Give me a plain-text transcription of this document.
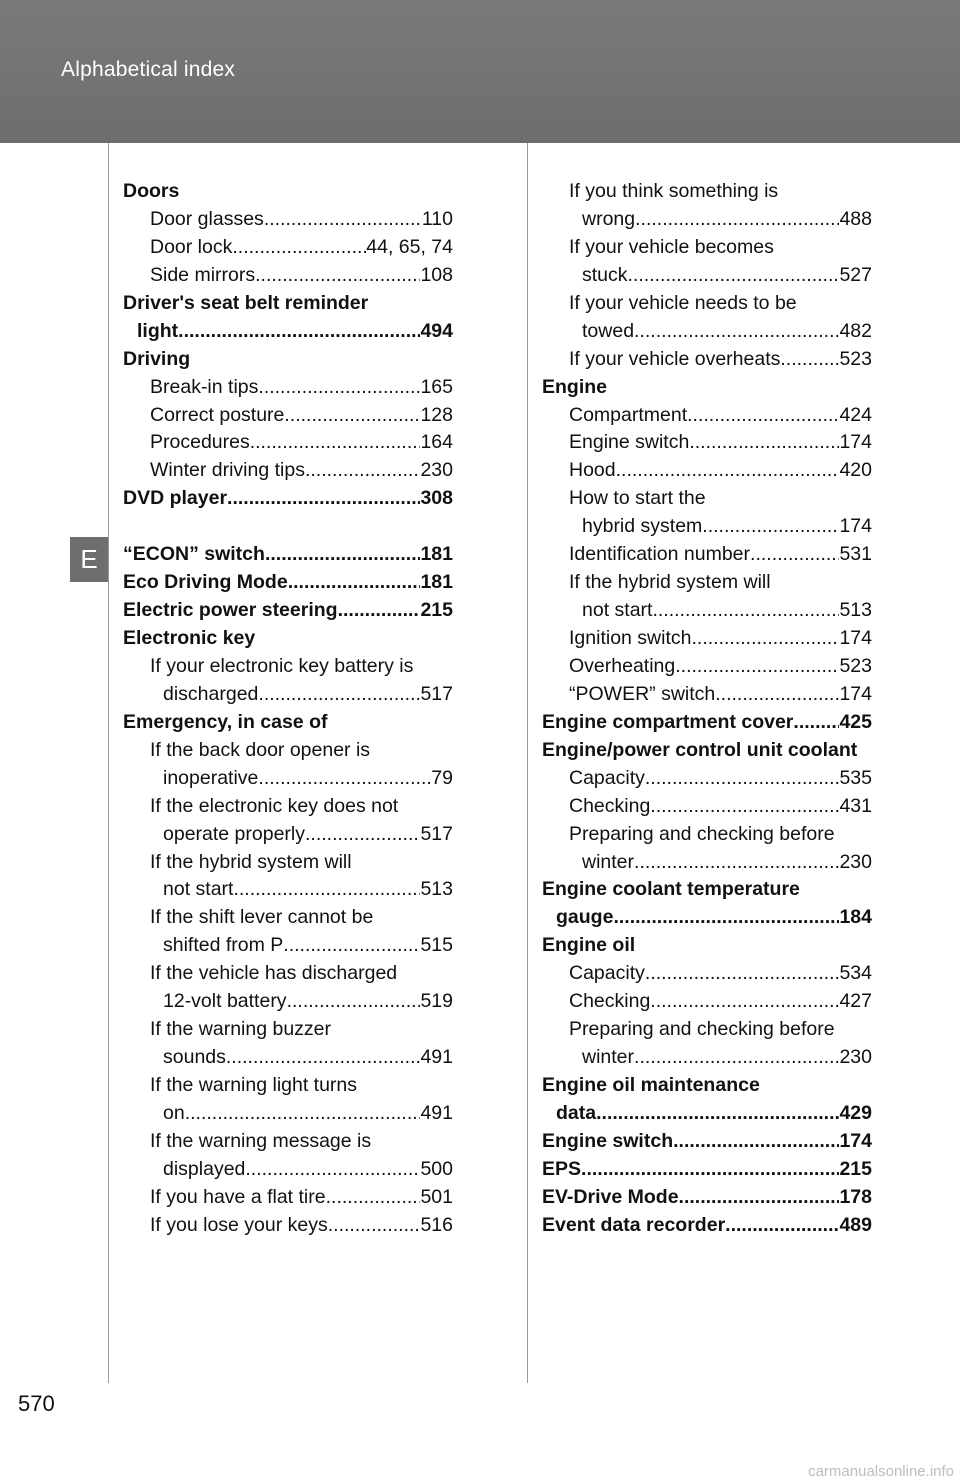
Alphabetical index
E
Doors
Door glasses .....	110
Door lock .....	44, 65, 74
Side mirrors .....	108
Driver's seat belt reminder
light .....	494
Driving
Break-in tips .....	165
Correct posture .....	128
Procedures .....	164
Winter driving tips .....	230
DVD player .....	308
“ECON” switch .....	181
Eco Driving Mode .....	181
Electric power steering .....	215
Electronic key
If your electronic key battery is
discharged .....	517
Emergency, in case of
If the back door opener is
inoperative .....	79
If the electronic key does not
operate properly .....	517
If the hybrid system will
not start .....	513
If the shift lever cannot be
shifted from P .....	515
If the vehicle has discharged
12-volt battery .....	519
If the warning buzzer
sounds .....	491
If the warning light turns
on .....	491
If the warning message is
displayed .....	500
If you have a flat tire .....	501
If you lose your keys .....	516
If you think something is
wrong .....	488
If your vehicle becomes
stuck .....	527
If your vehicle needs to be
towed .....	482
If your vehicle overheats .....	523
Engine
Compartment .....	424
Engine switch .....	174
Hood .....	420
How to start the
hybrid system .....	174
Identification number .....	531
If the hybrid system will
not start .....	513
Ignition switch .....	174
Overheating .....	523
“POWER” switch .....	174
Engine compartment cover ..... 425
Engine/power control unit coolant
Capacity .....	535
Checking .....	431
Preparing and checking before
winter .....	230
Engine coolant temperature
gauge .....	184
Engine oil
Capacity .....	534
Checking .....	427
Preparing and checking before
winter .....	230
Engine oil maintenance
data .....	429
Engine switch .....	174
EPS .....	215
EV-Drive Mode .....	178
Event data recorder .....	489
570
carmanualsonline.info
